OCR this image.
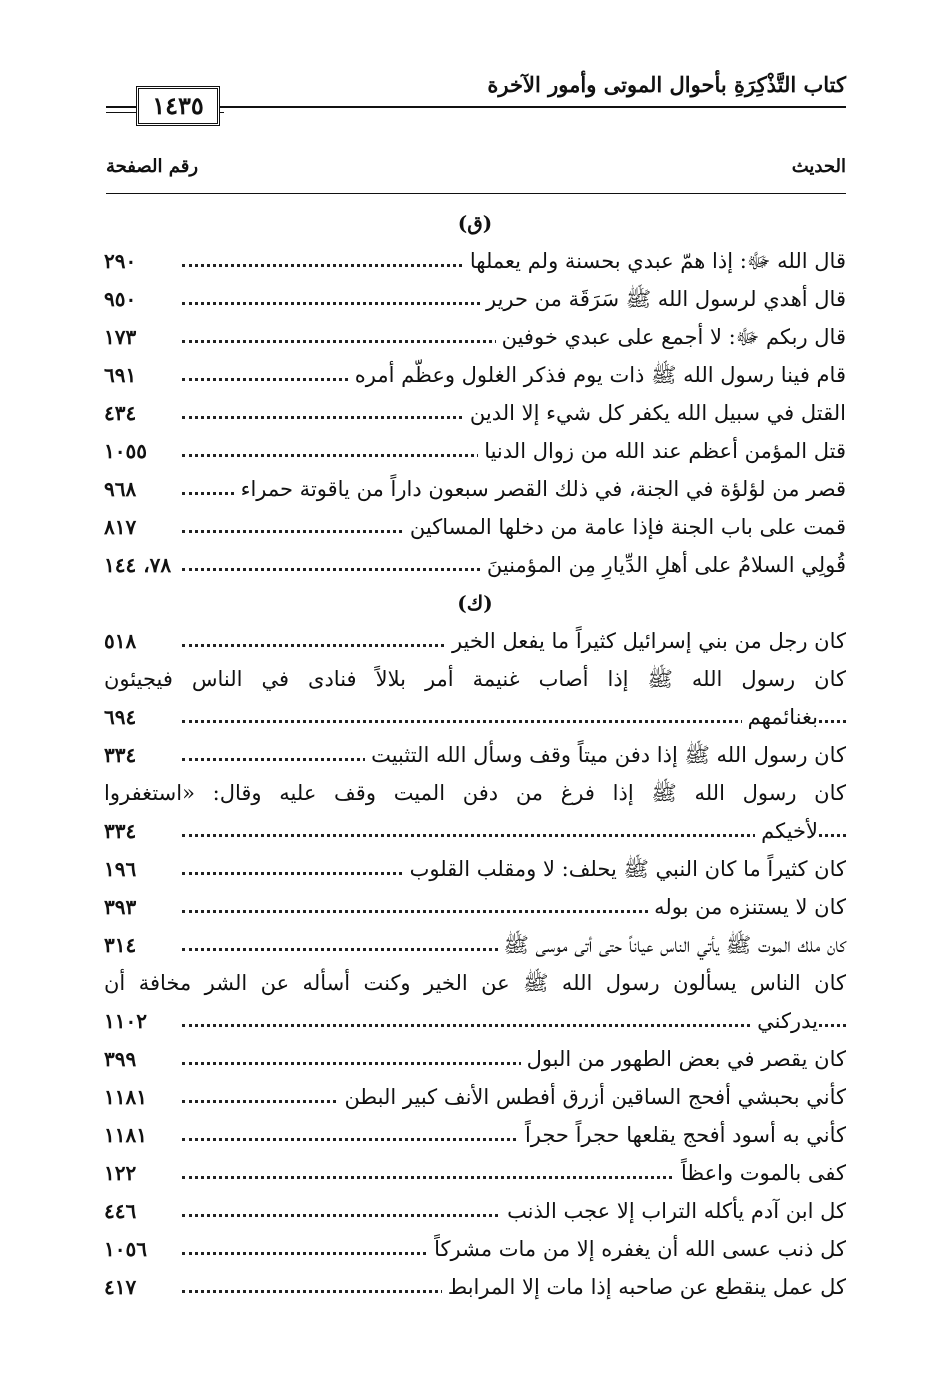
كتاب التَّذْكِرَةِ بأحوال الموتى وأمور الآخرة
١٤٣٥
الحديث
رقم الصفحة
(ق)
قال الله ﷻ: إذا همّ عبدي بحسنة ولم يعملها
٢٩٠
قال أهدي لرسول الله ﷺ سَرَقَة من حرير
٩٥٠
قال ربكم ﷻ: لا أجمع على عبدي خوفين
١٧٣
قام فينا رسول الله ﷺ ذات يوم فذكر الغلول وعظّم أمره
٦٩١
القتل في سبيل الله يكفر كل شيء إلا الدين
٤٣٤
قتل المؤمن أعظم عند الله من زوال الدنيا
١٠٥٥
قصر من لؤلؤة في الجنة، في ذلك القصر سبعون داراً من ياقوتة حمراء
٩٦٨
قمت على باب الجنة فإذا عامة من دخلها المساكين
٨١٧
قُولِي السلامُ على أهلِ الدِّيارِ مِن المؤمنينَ
٧٨، ١٤٤
(ك)
كان رجل من بني إسرائيل كثيراً ما يفعل الخير
٥١٨
كان رسول الله ﷺ إذا أصاب غنيمة أمر بلالاً فنادى في الناس فيجيئون
بغنائمهم
٦٩٤
كان رسول الله ﷺ إذا دفن ميتاً وقف وسأل الله التثبيت
٣٣٤
كان رسول الله ﷺ إذا فرغ من دفن الميت وقف عليه وقال: «استغفروا
لأخيكم
٣٣٤
كان كثيراً ما كان النبي ﷺ يحلف: لا ومقلب القلوب
١٩٦
كان لا يستنزه من بوله
٣٩٣
كان ملك الموت ﷺ يأتي الناس عياناً حتى أتى موسى ﷺ
٣١٤
كان الناس يسألون رسول الله ﷺ عن الخير وكنت أسأله عن الشر مخافة أن
يدركني
١١٠٢
كان يقصر في بعض الطهور من البول
٣٩٩
كأني بحبشي أفحج الساقين أزرق أفطس الأنف كبير البطن
١١٨١
كأني به أسود أفحج يقلعها حجراً حجراً
١١٨١
كفى بالموت واعظاً
١٢٢
كل ابن آدم يأكله التراب إلا عجب الذنب
٤٤٦
كل ذنب عسى الله أن يغفره إلا من مات مشركاً
١٠٥٦
كل عمل ينقطع عن صاحبه إذا مات إلا المرابط
٤١٧
